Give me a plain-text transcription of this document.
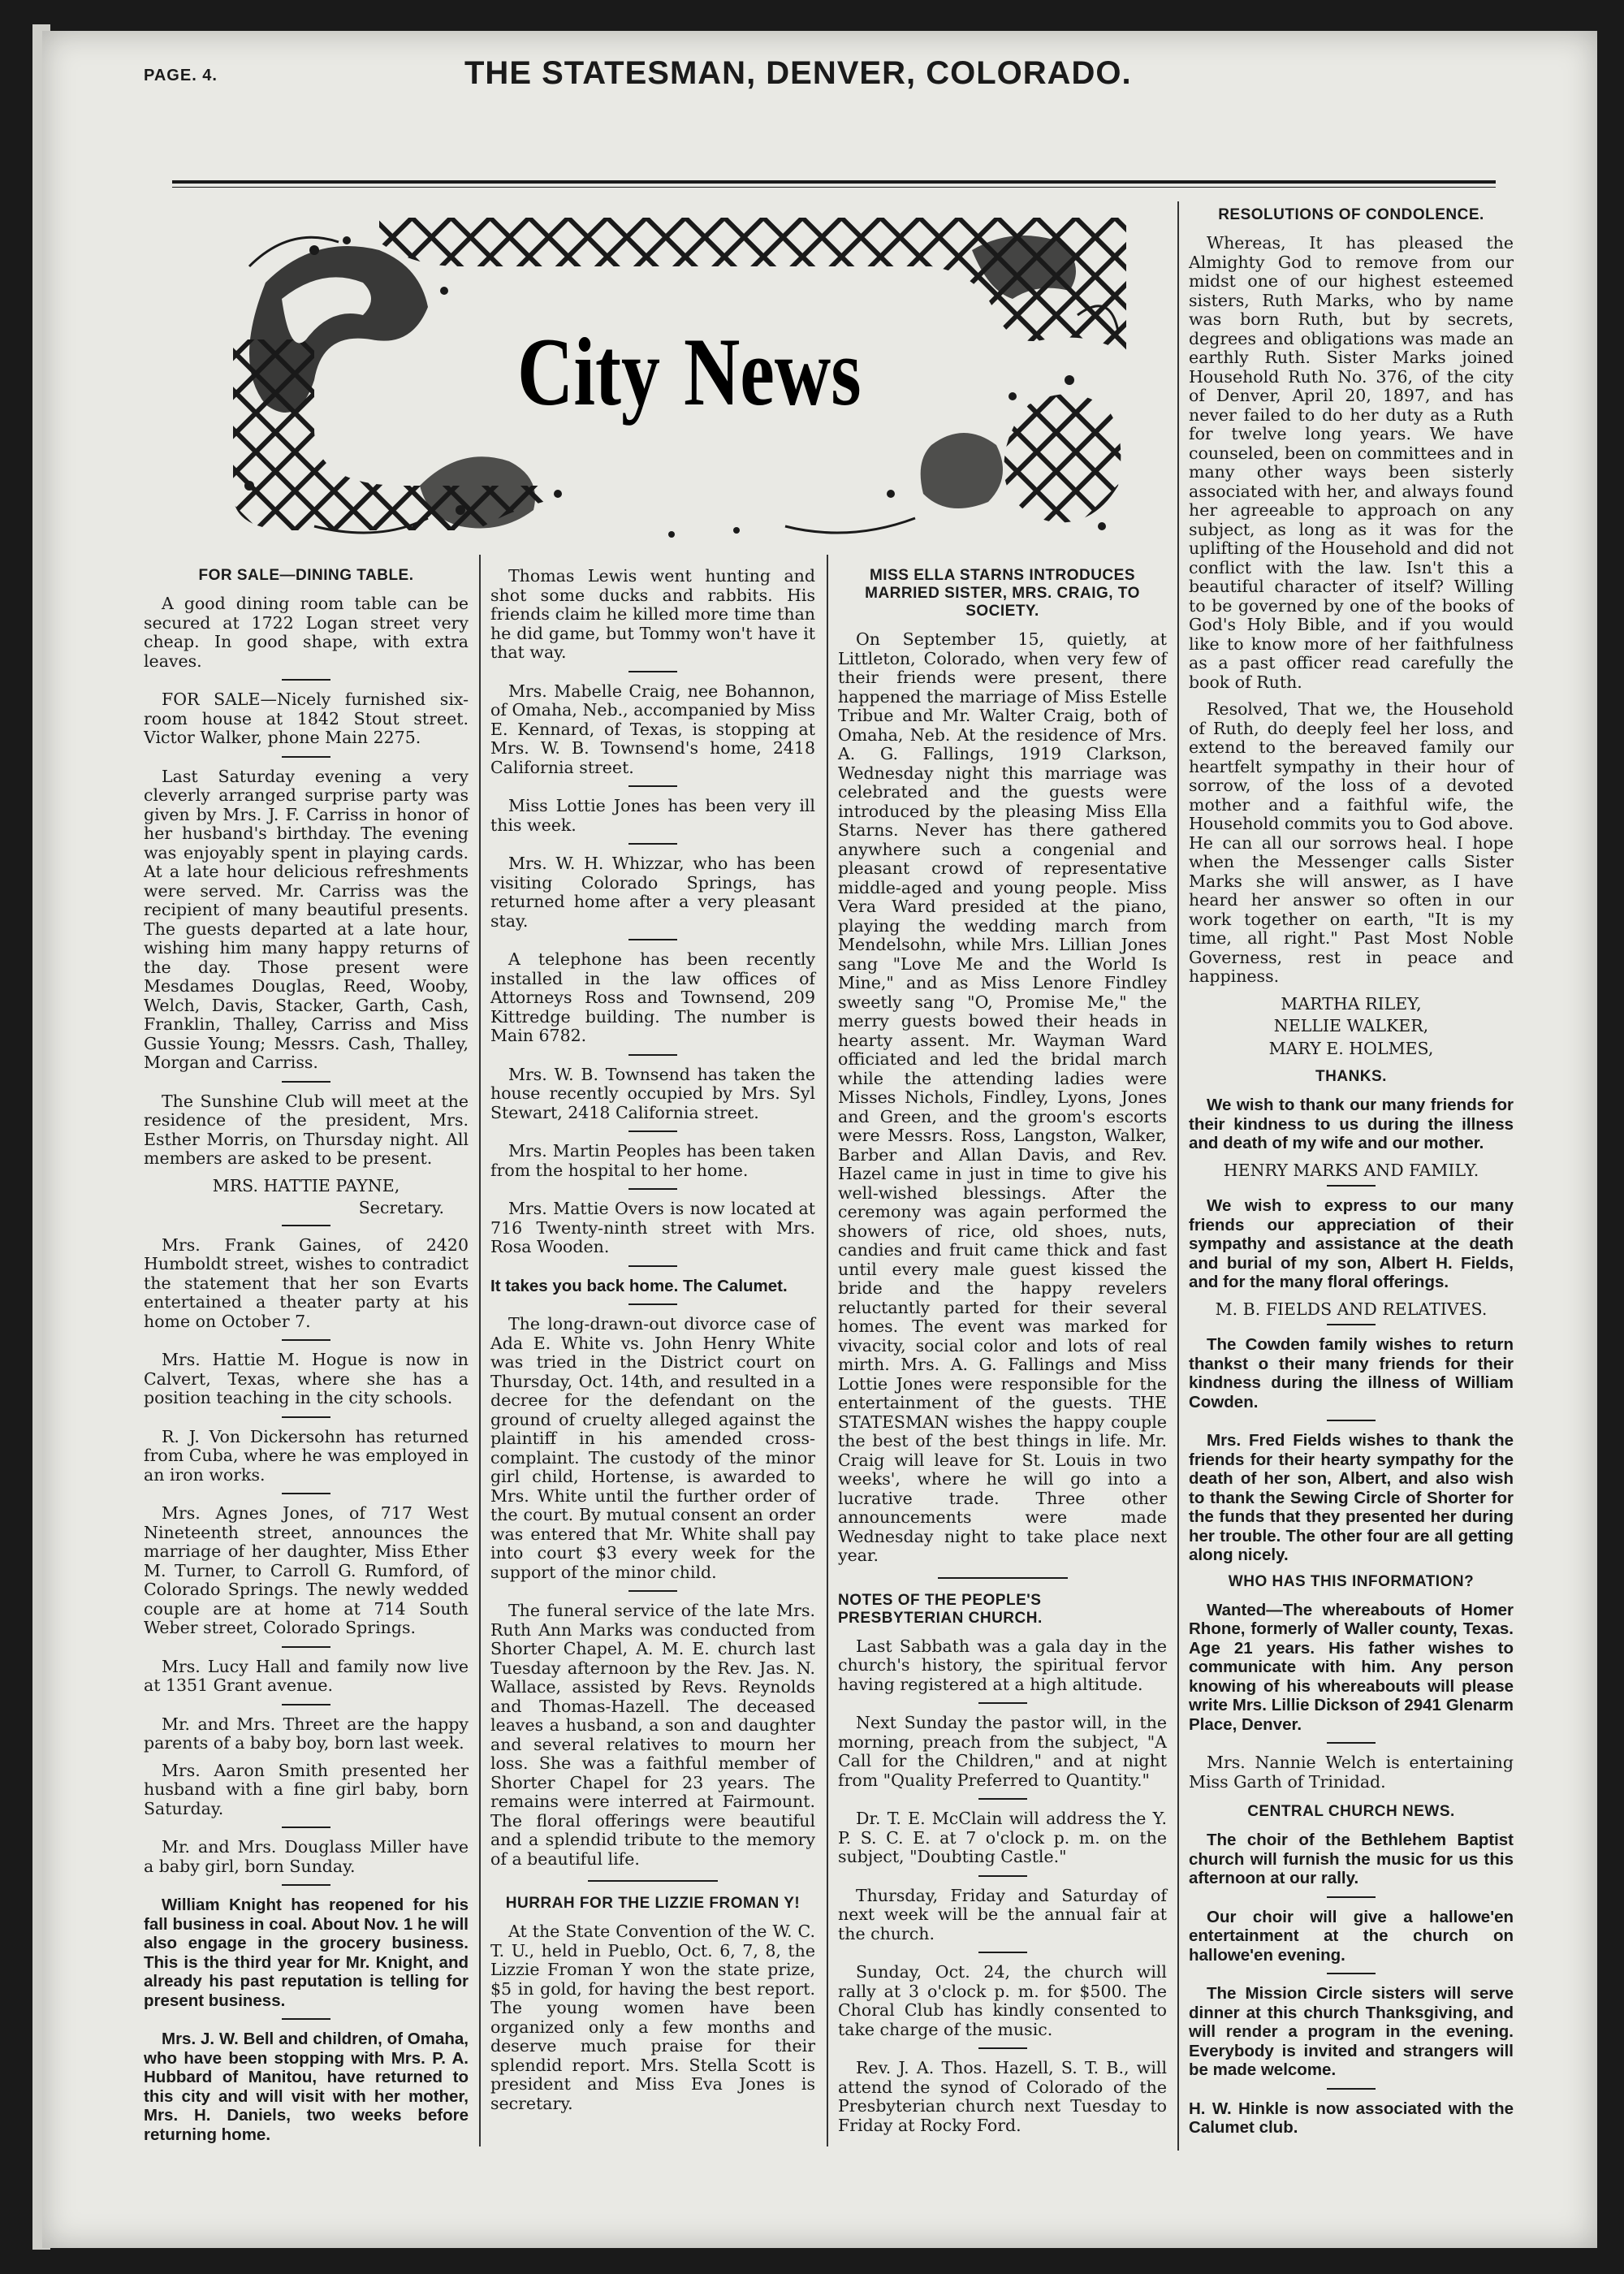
PAGE. 4.	THE STATESMAN, DENVER, COLORADO.
City News

FOR SALE—DINING TABLE.

A good dining room table can be secured at 1722 Logan street very cheap. In good shape, with extra leaves.

FOR SALE—Nicely furnished six-room house at 1842 Stout street. Victor Walker, phone Main 2275.

Last Saturday evening a very cleverly arranged surprise party was given by Mrs. J. F. Carriss in honor of her husband's birthday. The evening was enjoyably spent in playing cards. At a late hour delicious refreshments were served. Mr. Carriss was the recipient of many beautiful presents. The guests departed at a late hour, wishing him many happy returns of the day. Those present were Mesdames Douglas, Reed, Wooby, Welch, Davis, Stacker, Garth, Cash, Franklin, Thalley, Carriss and Miss Gussie Young; Messrs. Cash, Thalley, Morgan and Carriss.

The Sunshine Club will meet at the residence of the president, Mrs. Esther Morris, on Thursday night. All members are asked to be present.

MRS. HATTIE PAYNE,

Secretary.

Mrs. Frank Gaines, of 2420 Humboldt street, wishes to contradict the statement that her son Evarts entertained a theater party at his home on October 7.

Mrs. Hattie M. Hogue is now in Calvert, Texas, where she has a position teaching in the city schools.

R. J. Von Dickersohn has returned from Cuba, where he was employed in an iron works.

Mrs. Agnes Jones, of 717 West Nineteenth street, announces the marriage of her daughter, Miss Ether M. Turner, to Carroll G. Rumford, of Colorado Springs. The newly wedded couple are at home at 714 South Weber street, Colorado Springs.

Mrs. Lucy Hall and family now live at 1351 Grant avenue.

Mr. and Mrs. Threet are the happy parents of a baby boy, born last week.

Mrs. Aaron Smith presented her husband with a fine girl baby, born Saturday.

Mr. and Mrs. Douglass Miller have a baby girl, born Sunday.

William Knight has reopened for his fall business in coal. About Nov. 1 he will also engage in the grocery business. This is the third year for Mr. Knight, and already his past reputation is telling for present business.

Mrs. J. W. Bell and children, of Omaha, who have been stopping with Mrs. P. A. Hubbard of Manitou, have returned to this city and will visit with her mother, Mrs. H. Daniels, two weeks before returning home.

Thomas Lewis went hunting and shot some ducks and rabbits. His friends claim he killed more time than he did game, but Tommy won't have it that way.

Mrs. Mabelle Craig, nee Bohannon, of Omaha, Neb., accompanied by Miss E. Kennard, of Texas, is stopping at Mrs. W. B. Townsend's home, 2418 California street.

Miss Lottie Jones has been very ill this week.

Mrs. W. H. Whizzar, who has been visiting Colorado Springs, has returned home after a very pleasant stay.

A telephone has been recently installed in the law offices of Attorneys Ross and Townsend, 209 Kittredge building. The number is Main 6782.

Mrs. W. B. Townsend has taken the house recently occupied by Mrs. Syl Stewart, 2418 California street.

Mrs. Martin Peoples has been taken from the hospital to her home.

Mrs. Mattie Overs is now located at 716 Twenty-ninth street with Mrs. Rosa Wooden.

It takes you back home. The Calumet.

The long-drawn-out divorce case of Ada E. White vs. John Henry White was tried in the District court on Thursday, Oct. 14th, and resulted in a decree for the defendant on the ground of cruelty alleged against the plaintiff in his amended cross-complaint. The custody of the minor girl child, Hortense, is awarded to Mrs. White until the further order of the court. By mutual consent an order was entered that Mr. White shall pay into court $3 every week for the support of the minor child.

The funeral service of the late Mrs. Ruth Ann Marks was conducted from Shorter Chapel, A. M. E. church last Tuesday afternoon by the Rev. Jas. N. Wallace, assisted by Revs. Reynolds and Thomas-Hazell. The deceased leaves a husband, a son and daughter and several relatives to mourn her loss. She was a faithful member of Shorter Chapel for 23 years. The remains were interred at Fairmount. The floral offerings were beautiful and a splendid tribute to the memory of a beautiful life.

HURRAH FOR THE LIZZIE FROMAN Y!

At the State Convention of the W. C. T. U., held in Pueblo, Oct. 6, 7, 8, the Lizzie Froman Y won the state prize, $5 in gold, for having the best report. The young women have been organized only a few months and deserve much praise for their splendid report. Mrs. Stella Scott is president and Miss Eva Jones is secretary.

MISS ELLA STARNS INTRODUCES MARRIED SISTER, MRS. CRAIG, TO SOCIETY.

On September 15, quietly, at Littleton, Colorado, when very few of their friends were present, there happened the marriage of Miss Estelle Tribue and Mr. Walter Craig, both of Omaha, Neb. At the residence of Mrs. A. G. Fallings, 1919 Clarkson, Wednesday night this marriage was celebrated and the guests were introduced by the pleasing Miss Ella Starns. Never has there gathered anywhere such a congenial and pleasant crowd of representative middle-aged and young people. Miss Vera Ward presided at the piano, playing the wedding march from Mendelsohn, while Mrs. Lillian Jones sang "Love Me and the World Is Mine," and as Miss Lenore Findley sweetly sang "O, Promise Me," the merry guests bowed their heads in hearty assent. Mr. Wayman Ward officiated and led the bridal march while the attending ladies were Misses Nichols, Findley, Lyons, Jones and Green, and the groom's escorts were Messrs. Ross, Langston, Walker, Barber and Allan Davis, and Rev. Hazel came in just in time to give his well-wished blessings. After the ceremony was again performed the showers of rice, old shoes, nuts, candies and fruit came thick and fast until every male guest kissed the bride and the happy revelers reluctantly parted for their several homes. The event was marked for vivacity, social color and lots of real mirth. Mrs. A. G. Fallings and Miss Lottie Jones were responsible for the entertainment of the guests. THE STATESMAN wishes the happy couple the best of the best things in life. Mr. Craig will leave for St. Louis in two weeks', where he will go into a lucrative trade. Three other announcements were made Wednesday night to take place next year.

NOTES OF THE PEOPLE'S PRESBYTERIAN CHURCH.

Last Sabbath was a gala day in the church's history, the spiritual fervor having registered at a high altitude.

Next Sunday the pastor will, in the morning, preach from the subject, "A Call for the Children," and at night from "Quality Preferred to Quantity."

Dr. T. E. McClain will address the Y. P. S. C. E. at 7 o'clock p. m. on the subject, "Doubting Castle."

Thursday, Friday and Saturday of next week will be the annual fair at the church.

Sunday, Oct. 24, the church will rally at 3 o'clock p. m. for $500. The Choral Club has kindly consented to take charge of the music.

Rev. J. A. Thos. Hazell, S. T. B., will attend the synod of Colorado of the Presbyterian church next Tuesday to Friday at Rocky Ford.

RESOLUTIONS OF CONDOLENCE.

Whereas, It has pleased the Almighty God to remove from our midst one of our highest esteemed sisters, Ruth Marks, who by name was born Ruth, but by secrets, degrees and obligations was made an earthly Ruth. Sister Marks joined Household Ruth No. 376, of the city of Denver, April 20, 1897, and has never failed to do her duty as a Ruth for twelve long years. We have counseled, been on committees and in many other ways been sisterly associated with her, and always found her agreeable to approach on any subject, as long as it was for the uplifting of the Household and did not conflict with the law. Isn't this a beautiful character of itself? Willing to be governed by one of the books of God's Holy Bible, and if you would like to know more of her faithfulness as a past officer read carefully the book of Ruth.

Resolved, That we, the Household of Ruth, do deeply feel her loss, and extend to the bereaved family our heartfelt sympathy in their hour of sorrow, of the loss of a devoted mother and a faithful wife, the Household commits you to God above. He can all our sorrows heal. I hope when the Messenger calls Sister Marks she will answer, as I have heard her answer so often in our work together on earth, "It is my time, all right." Past Most Noble Governess, rest in peace and happiness.

MARTHA RILEY,

NELLIE WALKER,

MARY E. HOLMES,

THANKS.

We wish to thank our many friends for their kindness to us during the illness and death of my wife and our mother.

HENRY MARKS AND FAMILY.

We wish to express to our many friends our appreciation of their sympathy and assistance at the death and burial of my son, Albert H. Fields, and for the many floral offerings.

M. B. FIELDS AND RELATIVES.

The Cowden family wishes to return thankst o their many friends for their kindness during the illness of William Cowden.

Mrs. Fred Fields wishes to thank the friends for their hearty sympathy for the death of her son, Albert, and also wish to thank the Sewing Circle of Shorter for the funds that they presented her during her trouble. The other four are all getting along nicely.

WHO HAS THIS INFORMATION?

Wanted—The whereabouts of Homer Rhone, formerly of Waller county, Texas. Age 21 years. His father wishes to communicate with him. Any person knowing of his whereabouts will please write Mrs. Lillie Dickson of 2941 Glenarm Place, Denver.

Mrs. Nannie Welch is entertaining Miss Garth of Trinidad.

CENTRAL CHURCH NEWS.

The choir of the Bethlehem Baptist church will furnish the music for us this afternoon at our rally.

Our choir will give a hallowe'en entertainment at the church on hallowe'en evening.

The Mission Circle sisters will serve dinner at this church Thanksgiving, and will render a program in the evening. Everybody is invited and strangers will be made welcome.

H. W. Hinkle is now associated with the Calumet club.
